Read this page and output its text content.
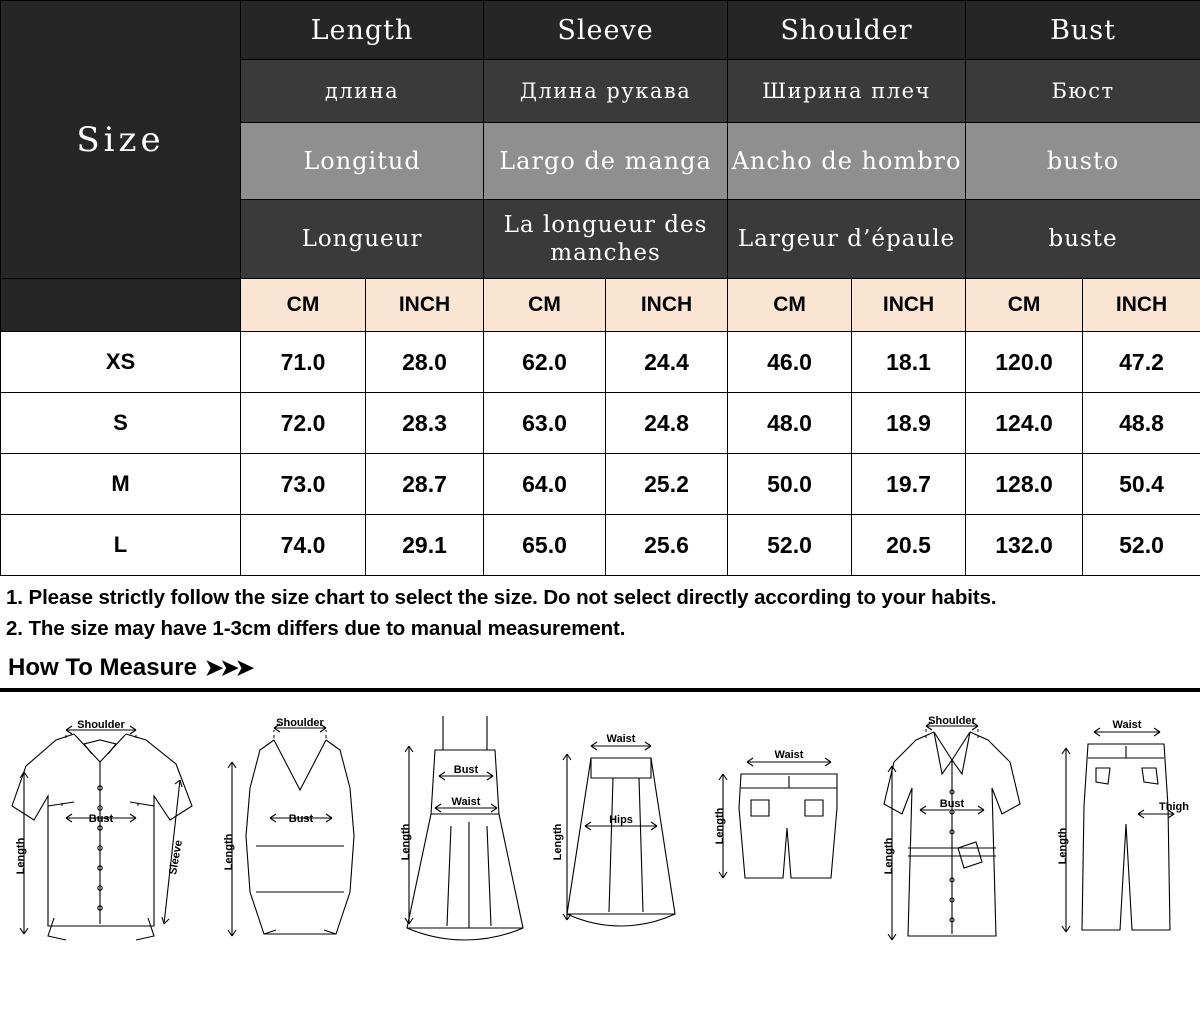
Size	Length		Sleeve		Shoulder		Bust	
	длина		Длина рукава		Ширина плеч		Бюст	
	Longitud		Largo de manga		Ancho de hombro		busto	
	Longueur		La longueur des manches		Largeur d’épaule		buste	
	CM	INCH	CM	INCH	CM	INCH	CM	INCH
XS	71.0	28.0	62.0	24.4	46.0	18.1	120.0	47.2
S	72.0	28.3	63.0	24.8	48.0	18.9	124.0	48.8
M	73.0	28.7	64.0	25.2	50.0	19.7	128.0	50.4
L	74.0	29.1	65.0	25.6	52.0	20.5	132.0	52.0

1. Please strictly follow the size chart to select the size. Do not select directly according to your habits.

2. The size may have 1-3cm differs due to manual measurement.

How To Measure ➤➤➤
Shoulder
Bust
Length	Sleeve
Shoulder
Bust
Length
Bust
Waist
Length
Waist
Hips
Length
Waist
Length
Shoulder
Bust
Length
Waist
Thigh
Length
